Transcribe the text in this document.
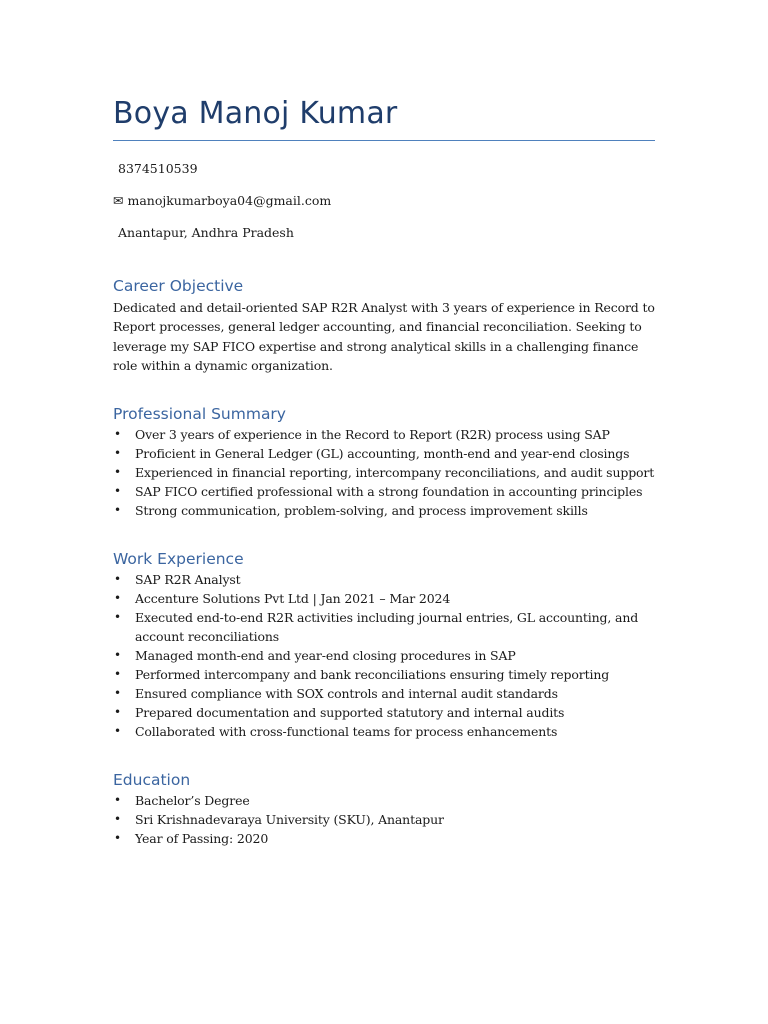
Boya Manoj Kumar

8374510539

✉ manojkumarboya04@gmail.com

Anantapur, Andhra Pradesh

Career Objective

Dedicated and detail-oriented SAP R2R Analyst with 3 years of experience in Record to Report processes, general ledger accounting, and financial reconciliation. Seeking to leverage my SAP FICO expertise and strong analytical skills in a challenging finance role within a dynamic organization.

Professional Summary
• Over 3 years of experience in the Record to Report (R2R) process using SAP
• Proficient in General Ledger (GL) accounting, month-end and year-end closings
• Experienced in financial reporting, intercompany reconciliations, and audit support
• SAP FICO certified professional with a strong foundation in accounting principles
• Strong communication, problem-solving, and process improvement skills
Work Experience
• SAP R2R Analyst
• Accenture Solutions Pvt Ltd | Jan 2021 – Mar 2024
• Executed end-to-end R2R activities including journal entries, GL accounting, and account reconciliations
• Managed month-end and year-end closing procedures in SAP
• Performed intercompany and bank reconciliations ensuring timely reporting
• Ensured compliance with SOX controls and internal audit standards
• Prepared documentation and supported statutory and internal audits
• Collaborated with cross-functional teams for process enhancements
Education
• Bachelor’s Degree
• Sri Krishnadevaraya University (SKU), Anantapur
• Year of Passing: 2020
